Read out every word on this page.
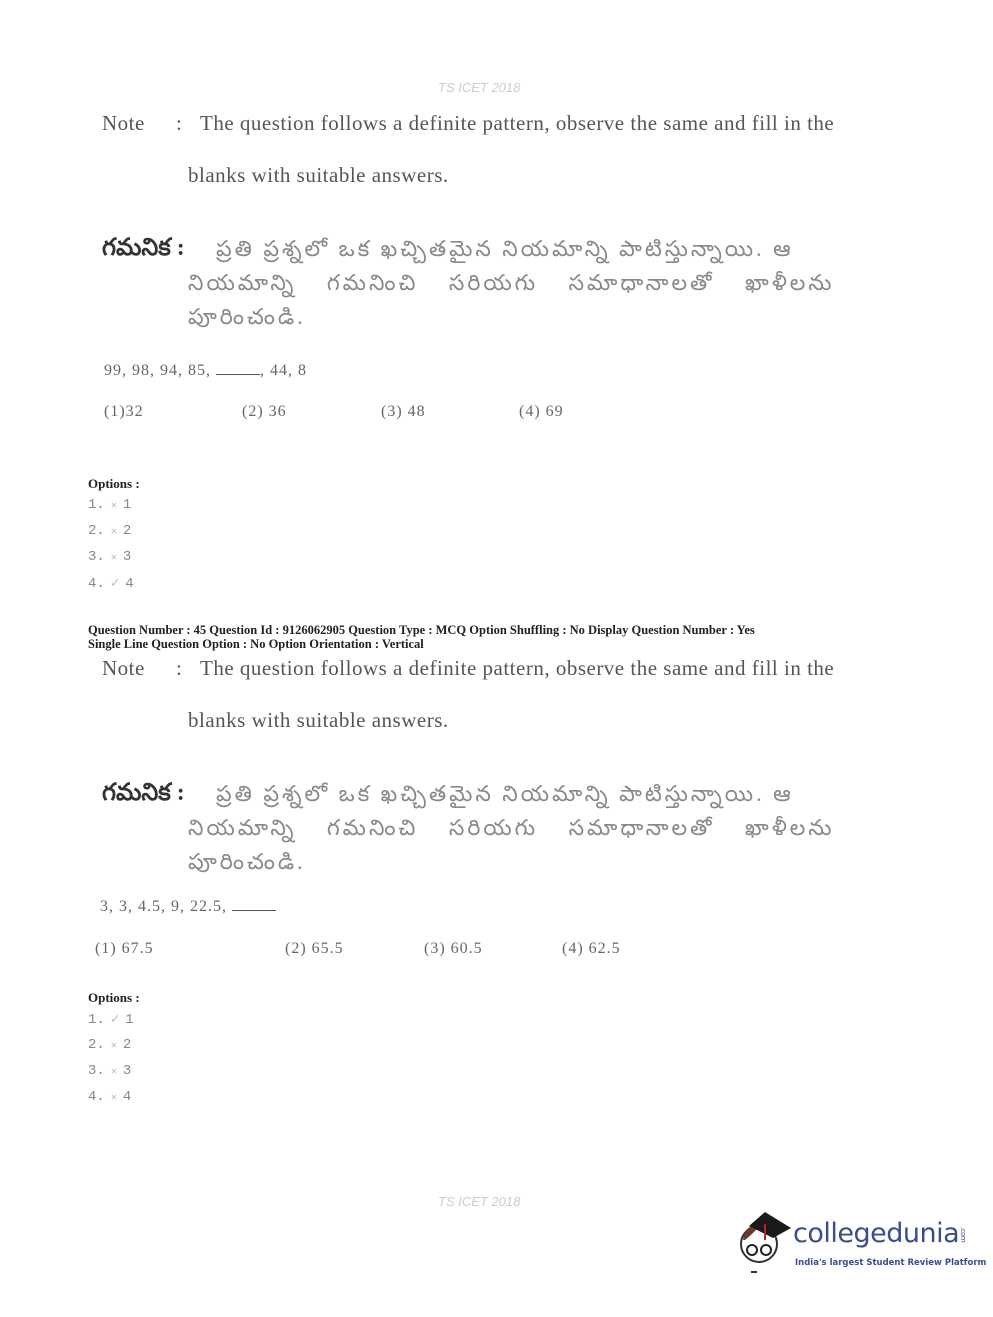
TS ICET 2018
Note : The question follows a definite pattern, observe the same and fill in the
blanks with suitable answers.
గమనిక : ప్రతి ప్రశ్నలో ఒక ఖచ్చితమైన నియమాన్ని పాటిస్తున్నాయి. ఆ
నియమాన్ని గమనించి సరియగు సమాధానాలతో ఖాళీలను
పూరించండి.
99, 98, 94, 85,	, 44, 8
(1)32	(2) 36	(3) 48	(4) 69
Options :
1. ✕ 1
2. ✕ 2
3. ✕ 3
4. ✓ 4
Question Number : 45 Question Id : 9126062905 Question Type : MCQ Option Shuffling : No Display Question Number : Yes
Single Line Question Option : No Option Orientation : Vertical
Note : The question follows a definite pattern, observe the same and fill in the
blanks with suitable answers.
గమనిక : ప్రతి ప్రశ్నలో ఒక ఖచ్చితమైన నియమాన్ని పాటిస్తున్నాయి. ఆ
నియమాన్ని గమనించి సరియగు సమాధానాలతో ఖాళీలను
పూరించండి.
3, 3, 4.5, 9, 22.5,
(1) 67.5	(2) 65.5	(3) 60.5	(4) 62.5
Options :
1. ✓ 1
2. ✕ 2
3. ✕ 3
4. ✕ 4
TS ICET 2018
collegedunia.com
India's largest Student Review Platform
